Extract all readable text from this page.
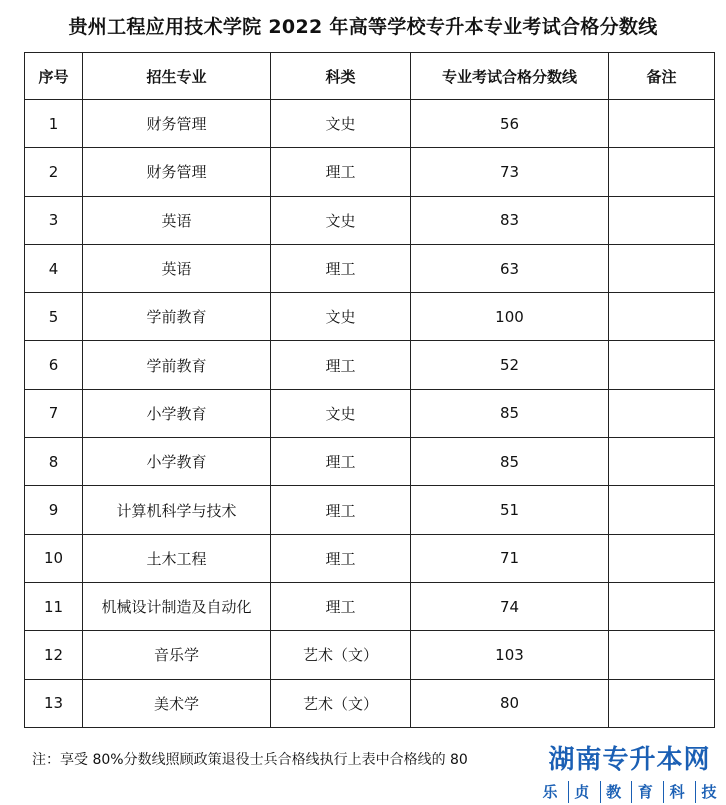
贵州工程应用技术学院 2022 年高等学校专升本专业考试合格分数线
序号	招生专业	科类	专业考试合格分数线	备注
1	财务管理	文史	56	
2	财务管理	理工	73	
3	英语	文史	83	
4	英语	理工	63	
5	学前教育	文史	100	
6	学前教育	理工	52	
7	小学教育	文史	85	
8	小学教育	理工	85	
9	计算机科学与技术	理工	51	
10	土木工程	理工	71	
11	机械设计制造及自动化	理工	74	
12	音乐学	艺术（文）	103	
13	美术学	艺术（文）	80	
注：享受 80%分数线照顾政策退役士兵合格线执行上表中合格线的 80	湖南专升本网
乐	贞	教	育	科	技
